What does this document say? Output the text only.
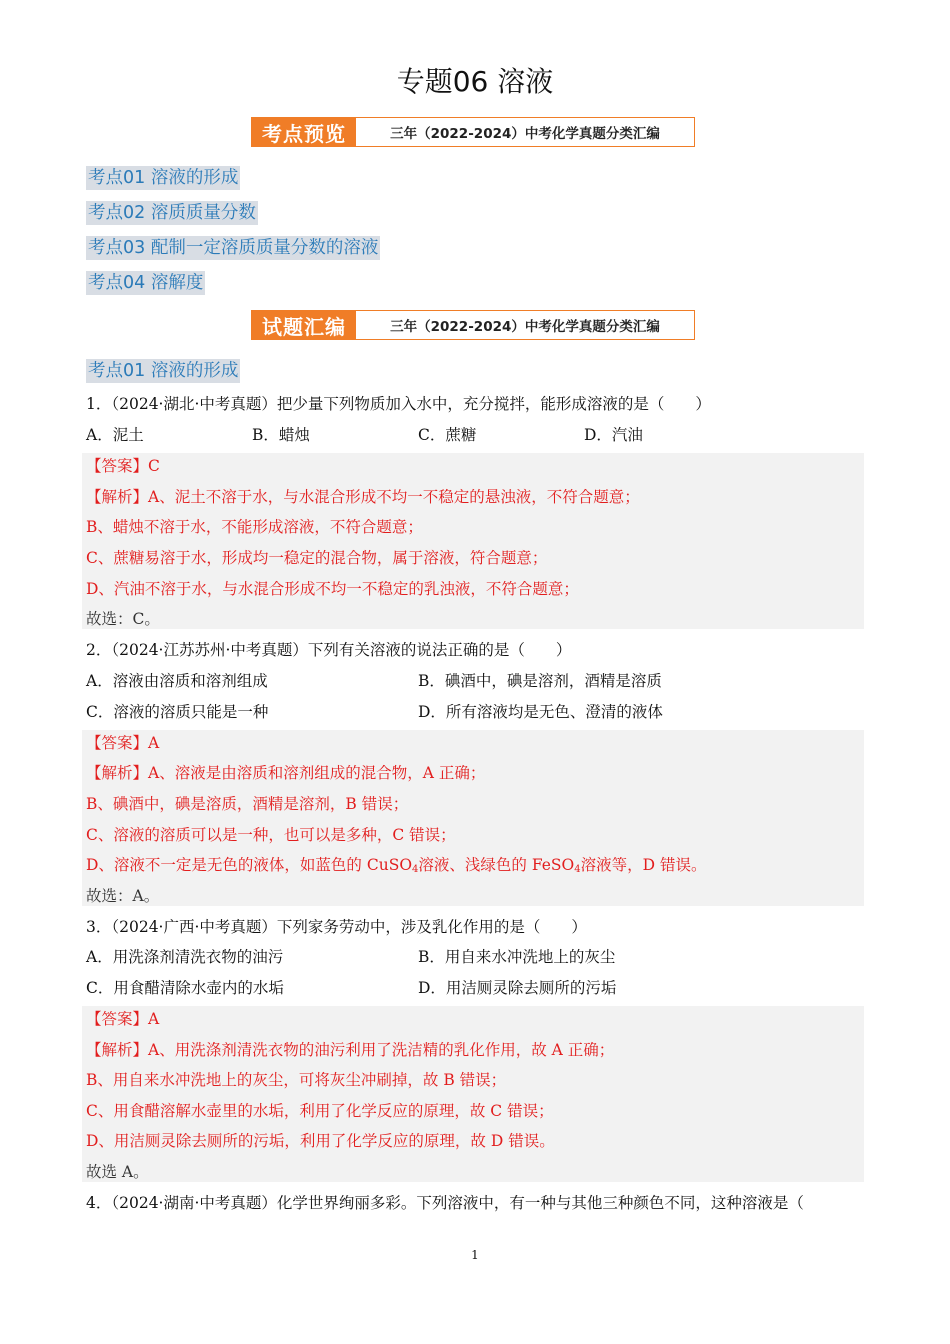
专题06 溶液
考点预览	三年（2022-2024）中考化学真题分类汇编
考点01 溶液的形成
考点02 溶质质量分数
考点03 配制一定溶质质量分数的溶液
考点04 溶解度
试题汇编	三年（2022-2024）中考化学真题分类汇编
考点01 溶液的形成
1．（2024·湖北·中考真题）把少量下列物质加入水中，充分搅拌，能形成溶液的是（　　）
A．泥土	B．蜡烛	C．蔗糖	D．汽油
【答案】C
【解析】A、泥土不溶于水，与水混合形成不均一不稳定的悬浊液，不符合题意；
B、蜡烛不溶于水，不能形成溶液，不符合题意；
C、蔗糖易溶于水，形成均一稳定的混合物，属于溶液，符合题意；
D、汽油不溶于水，与水混合形成不均一不稳定的乳浊液，不符合题意；
故选：C。
2．（2024·江苏苏州·中考真题）下列有关溶液的说法正确的是（　　）
A．溶液由溶质和溶剂组成	B．碘酒中，碘是溶剂，酒精是溶质
C．溶液的溶质只能是一种	D．所有溶液均是无色、澄清的液体
【答案】A
【解析】A、溶液是由溶质和溶剂组成的混合物，A 正确；
B、碘酒中，碘是溶质，酒精是溶剂，B 错误；
C、溶液的溶质可以是一种，也可以是多种，C 错误；
D、溶液不一定是无色的液体，如蓝色的 CuSO$_4$溶液、浅绿色的 FeSO$_4$溶液等，D 错误。
故选：A。
3．（2024·广西·中考真题）下列家务劳动中，涉及乳化作用的是（　　）
A．用洗涤剂清洗衣物的油污	B．用自来水冲洗地上的灰尘
C．用食醋清除水壶内的水垢	D．用洁厕灵除去厕所的污垢
【答案】A
【解析】A、用洗涤剂清洗衣物的油污利用了洗洁精的乳化作用，故 A 正确；
B、用自来水冲洗地上的灰尘，可将灰尘冲刷掉，故 B 错误；
C、用食醋溶解水壶里的水垢，利用了化学反应的原理，故 C 错误；
D、用洁厕灵除去厕所的污垢，利用了化学反应的原理，故 D 错误。
故选 A。
4．（2024·湖南·中考真题）化学世界绚丽多彩。下列溶液中，有一种与其他三种颜色不同，这种溶液是（
1
